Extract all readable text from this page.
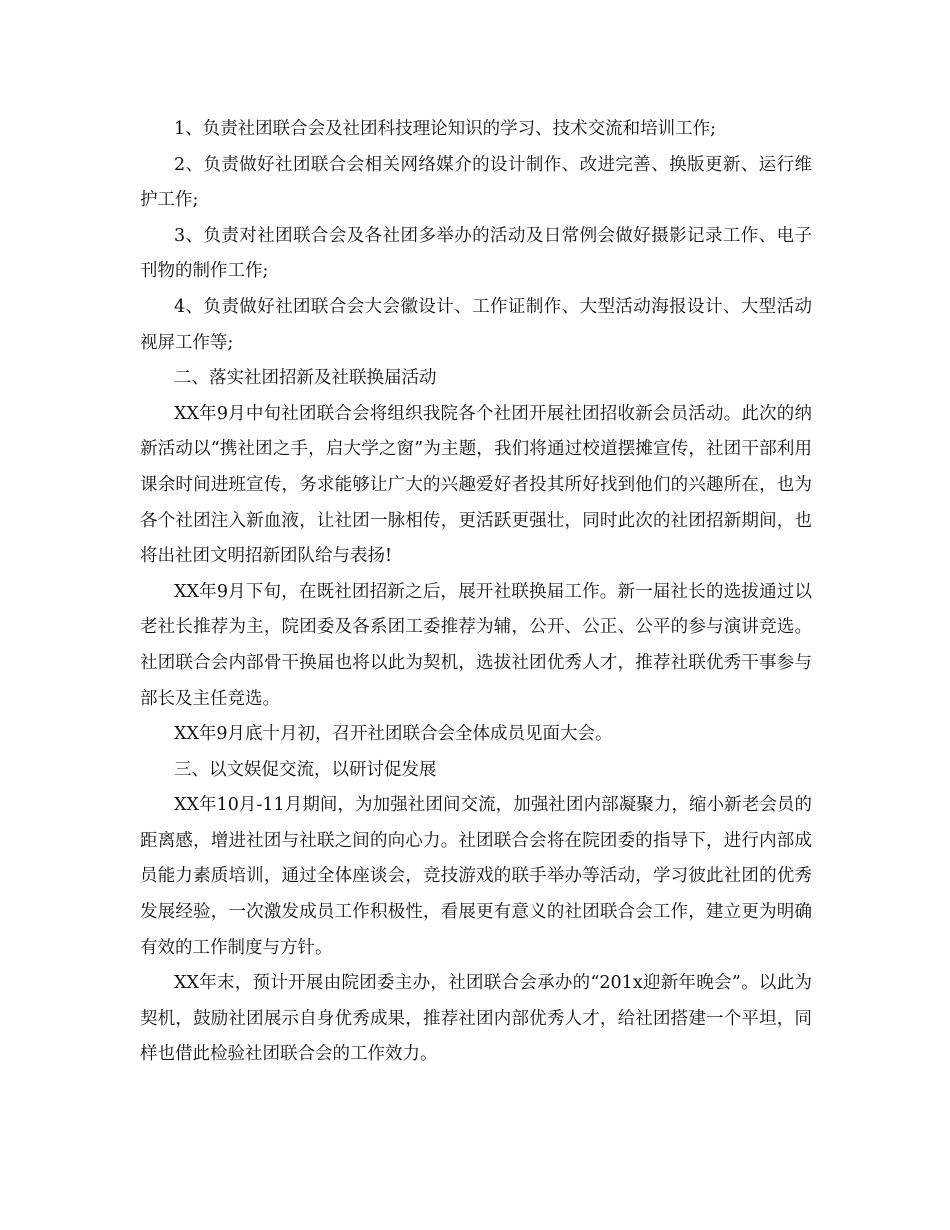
1、负责社团联合会及社团科技理论知识的学习、技术交流和培训工作;

2、负责做好社团联合会相关网络媒介的设计制作、改进完善、换版更新、运行维护工作;

3、负责对社团联合会及各社团多举办的活动及日常例会做好摄影记录工作、电子刊物的制作工作;

4、负责做好社团联合会大会徽设计、工作证制作、大型活动海报设计、大型活动视屏工作等;

二、落实社团招新及社联换届活动

XX年9月中旬社团联合会将组织我院各个社团开展社团招收新会员活动。此次的纳新活动以“携社团之手，启大学之窗”为主题，我们将通过校道摆摊宣传，社团干部利用课余时间进班宣传，务求能够让广大的兴趣爱好者投其所好找到他们的兴趣所在，也为各个社团注入新血液，让社团一脉相传，更活跃更强壮，同时此次的社团招新期间，也将出社团文明招新团队给与表扬!

XX年9月下旬，在既社团招新之后，展开社联换届工作。新一届社长的选拔通过以老社长推荐为主，院团委及各系团工委推荐为辅，公开、公正、公平的参与演讲竞选。社团联合会内部骨干换届也将以此为契机，选拔社团优秀人才，推荐社联优秀干事参与部长及主任竞选。

XX年9月底十月初，召开社团联合会全体成员见面大会。

三、以文娱促交流，以研讨促发展

XX年10月-11月期间，为加强社团间交流，加强社团内部凝聚力，缩小新老会员的距离感，增进社团与社联之间的向心力。社团联合会将在院团委的指导下，进行内部成员能力素质培训，通过全体座谈会，竞技游戏的联手举办等活动，学习彼此社团的优秀发展经验，一次激发成员工作积极性，看展更有意义的社团联合会工作，建立更为明确有效的工作制度与方针。

XX年末，预计开展由院团委主办，社团联合会承办的“201x迎新年晚会”。以此为契机，鼓励社团展示自身优秀成果，推荐社团内部优秀人才，给社团搭建一个平坦，同样也借此检验社团联合会的工作效力。
